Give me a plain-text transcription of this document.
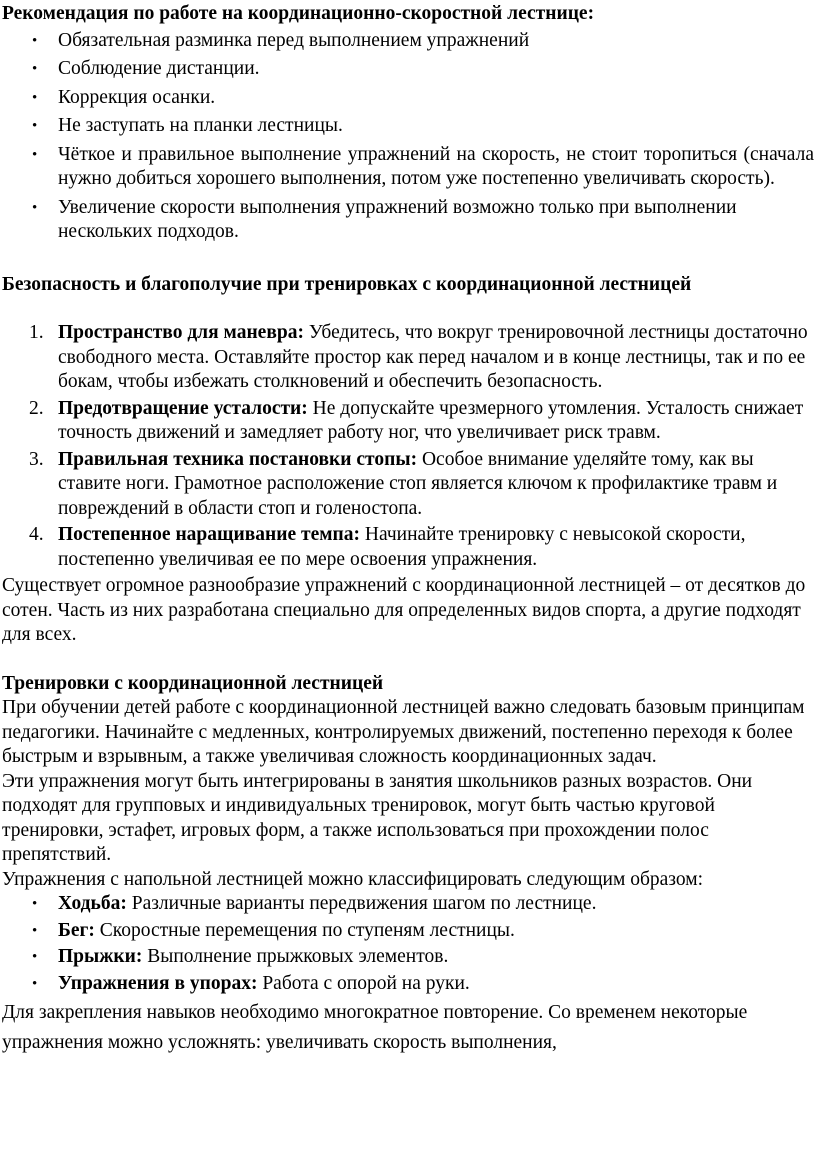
Рекомендация по работе на координационно-скоростной лестнице:

• Обязательная разминка перед выполнением упражнений
• Соблюдение дистанции.
• Коррекция осанки.
• Не заступать на планки лестницы.
• Чёткое и правильное выполнение упражнений на скорость, не стоит торопиться (сначала нужно добиться хорошего выполнения, потом уже постепенно увеличивать скорость).
• Увеличение скорости выполнения упражнений возможно только при выполнении нескольких подходов.

Безопасность и благополучие при тренировках с координационной лестницей

1. Пространство для маневра: Убедитесь, что вокруг тренировочной лестницы достаточно свободного места. Оставляйте простор как перед началом и в конце лестницы, так и по ее бокам, чтобы избежать столкновений и обеспечить безопасность.
2. Предотвращение усталости: Не допускайте чрезмерного утомления. Усталость снижает точность движений и замедляет работу ног, что увеличивает риск травм.
3. Правильная техника постановки стопы: Особое внимание уделяйте тому, как вы ставите ноги. Грамотное расположение стоп является ключом к профилактике травм и повреждений в области стоп и голеностопа.
4. Постепенное наращивание темпа: Начинайте тренировку с невысокой скорости, постепенно увеличивая ее по мере освоения упражнения.

Существует огромное разнообразие упражнений с координационной лестницей – от десятков до сотен. Часть из них разработана специально для определенных видов спорта, а другие подходят для всех.

Тренировки с координационной лестницей

При обучении детей работе с координационной лестницей важно следовать базовым принципам педагогики. Начинайте с медленных, контролируемых движений, постепенно переходя к более быстрым и взрывным, а также увеличивая сложность координационных задач.

Эти упражнения могут быть интегрированы в занятия школьников разных возрастов. Они подходят для групповых и индивидуальных тренировок, могут быть частью круговой тренировки, эстафет, игровых форм, а также использоваться при прохождении полос препятствий.

Упражнения с напольной лестницей можно классифицировать следующим образом:

• Ходьба: Различные варианты передвижения шагом по лестнице.
• Бег: Скоростные перемещения по ступеням лестницы.
• Прыжки: Выполнение прыжковых элементов.
• Упражнения в упорах: Работа с опорой на руки.

Для закрепления навыков необходимо многократное повторение. Со временем некоторые упражнения можно усложнять: увеличивать скорость выполнения,
